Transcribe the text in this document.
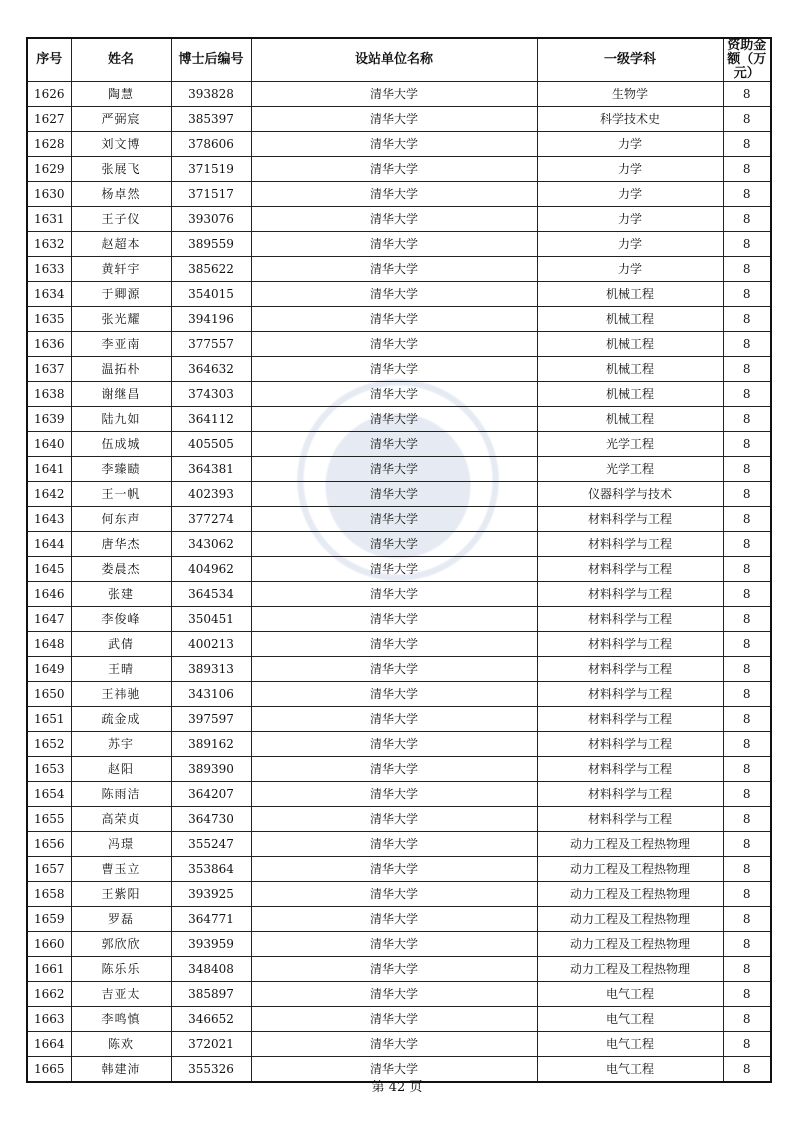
序号	姓名	博士后编号	设站单位名称	一级学科	资助金额（万元）
1626	陶慧	393828	清华大学	生物学	8
1627	严弼宸	385397	清华大学	科学技术史	8
1628	刘文博	378606	清华大学	力学	8
1629	张展飞	371519	清华大学	力学	8
1630	杨卓然	371517	清华大学	力学	8
1631	王子仪	393076	清华大学	力学	8
1632	赵超本	389559	清华大学	力学	8
1633	黄轩宇	385622	清华大学	力学	8
1634	于卿源	354015	清华大学	机械工程	8
1635	张光耀	394196	清华大学	机械工程	8
1636	李亚南	377557	清华大学	机械工程	8
1637	温拓朴	364632	清华大学	机械工程	8
1638	谢继昌	374303	清华大学	机械工程	8
1639	陆九如	364112	清华大学	机械工程	8
1640	伍成城	405505	清华大学	光学工程	8
1641	李臻赜	364381	清华大学	光学工程	8
1642	王一帆	402393	清华大学	仪器科学与技术	8
1643	何东声	377274	清华大学	材料科学与工程	8
1644	唐华杰	343062	清华大学	材料科学与工程	8
1645	娄晨杰	404962	清华大学	材料科学与工程	8
1646	张建	364534	清华大学	材料科学与工程	8
1647	李俊峰	350451	清华大学	材料科学与工程	8
1648	武倩	400213	清华大学	材料科学与工程	8
1649	王晴	389313	清华大学	材料科学与工程	8
1650	王祎驰	343106	清华大学	材料科学与工程	8
1651	疏金成	397597	清华大学	材料科学与工程	8
1652	苏宇	389162	清华大学	材料科学与工程	8
1653	赵阳	389390	清华大学	材料科学与工程	8
1654	陈雨洁	364207	清华大学	材料科学与工程	8
1655	高荣贞	364730	清华大学	材料科学与工程	8
1656	冯璟	355247	清华大学	动力工程及工程热物理	8
1657	曹玉立	353864	清华大学	动力工程及工程热物理	8
1658	王紫阳	393925	清华大学	动力工程及工程热物理	8
1659	罗磊	364771	清华大学	动力工程及工程热物理	8
1660	郭欣欣	393959	清华大学	动力工程及工程热物理	8
1661	陈乐乐	348408	清华大学	动力工程及工程热物理	8
1662	吉亚太	385897	清华大学	电气工程	8
1663	李鸣慎	346652	清华大学	电气工程	8
1664	陈欢	372021	清华大学	电气工程	8
1665	韩建沛	355326	清华大学	电气工程	8
第 42 页
